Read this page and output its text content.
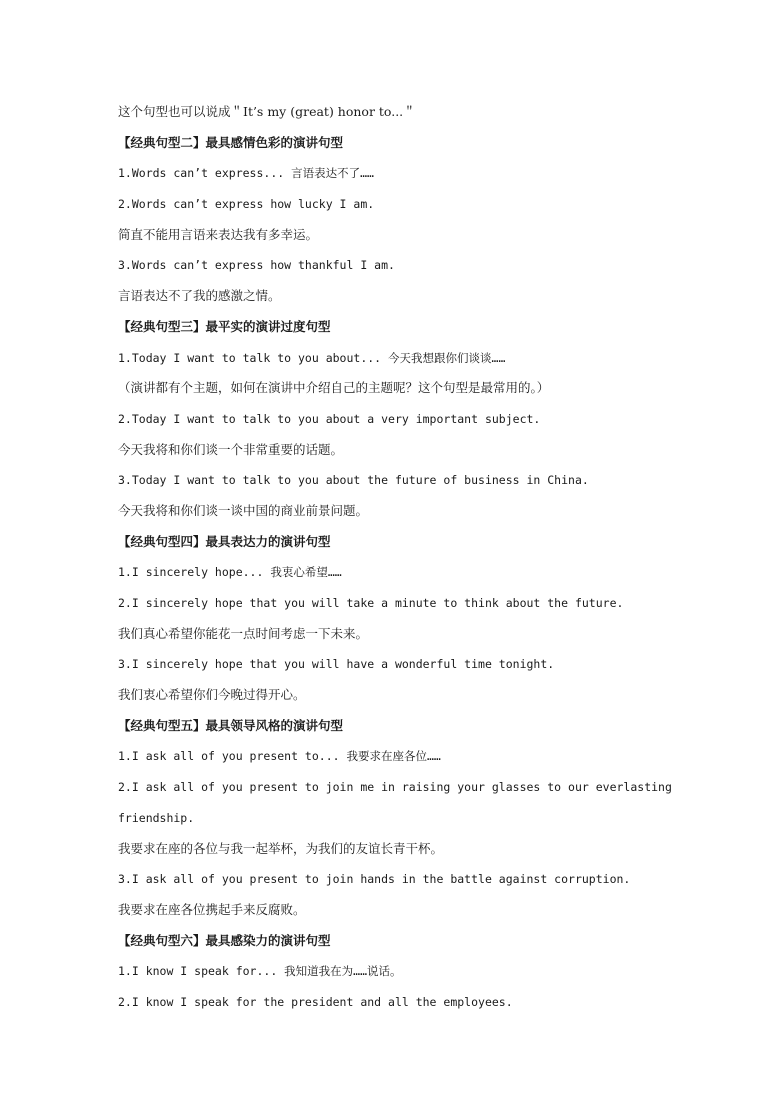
这个句型也可以说成＂It’s my (great) honor to...＂
【经典句型二】最具感情色彩的演讲句型
1.Words can’t express... 言语表达不了……
2.Words can’t express how lucky I am.
简直不能用言语来表达我有多幸运。
3.Words can’t express how thankful I am.
言语表达不了我的感激之情。
【经典句型三】最平实的演讲过度句型
1.Today I want to talk to you about... 今天我想跟你们谈谈……
（演讲都有个主题，如何在演讲中介绍自己的主题呢？这个句型是最常用的。）
2.Today I want to talk to you about a very important subject.
今天我将和你们谈一个非常重要的话题。
3.Today I want to talk to you about the future of business in China.
今天我将和你们谈一谈中国的商业前景问题。
【经典句型四】最具表达力的演讲句型
1.I sincerely hope... 我衷心希望……
2.I sincerely hope that you will take a minute to think about the future.
我们真心希望你能花一点时间考虑一下未来。
3.I sincerely hope that you will have a wonderful time tonight.
我们衷心希望你们今晚过得开心。
【经典句型五】最具领导风格的演讲句型
1.I ask all of you present to... 我要求在座各位……
2.I ask all of you present to join me in raising your glasses to our everlasting
friendship.
我要求在座的各位与我一起举杯，为我们的友谊长青干杯。
3.I ask all of you present to join hands in the battle against corruption.
我要求在座各位携起手来反腐败。
【经典句型六】最具感染力的演讲句型
1.I know I speak for... 我知道我在为……说话。
2.I know I speak for the president and all the employees.
